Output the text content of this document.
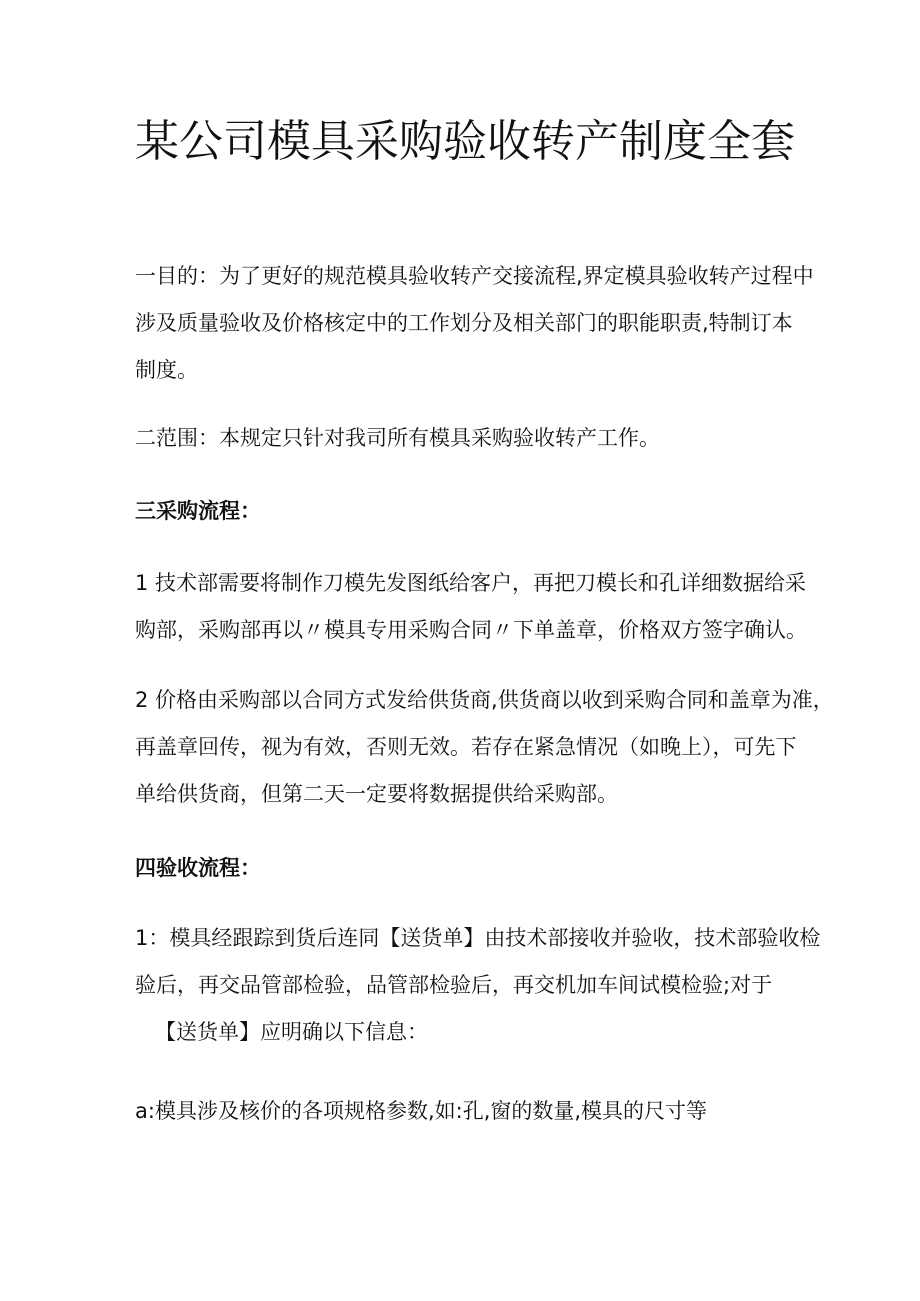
某公司模具采购验收转产制度全套

一目的：为了更好的规范模具验收转产交接流程,界定模具验收转产过程中
涉及质量验收及价格核定中的工作划分及相关部门的职能职责,特制订本
制度。

二范围：本规定只针对我司所有模具采购验收转产工作。

三采购流程：

1 技术部需要将制作刀模先发图纸给客户，再把刀模长和孔详细数据给采
购部，采购部再以〃模具专用采购合同〃下单盖章，价格双方签字确认。

2 价格由采购部以合同方式发给供货商,供货商以收到采购合同和盖章为准，
再盖章回传，视为有效，否则无效。若存在紧急情况（如晚上），可先下
单给供货商，但第二天一定要将数据提供给采购部。

四验收流程：

1：模具经跟踪到货后连同【送货单】由技术部接收并验收，技术部验收检
验后，再交品管部检验，品管部检验后，再交机加车间试模检验;对于
【送货单】应明确以下信息：

a:模具涉及核价的各项规格参数,如:孔,窗的数量,模具的尺寸等
